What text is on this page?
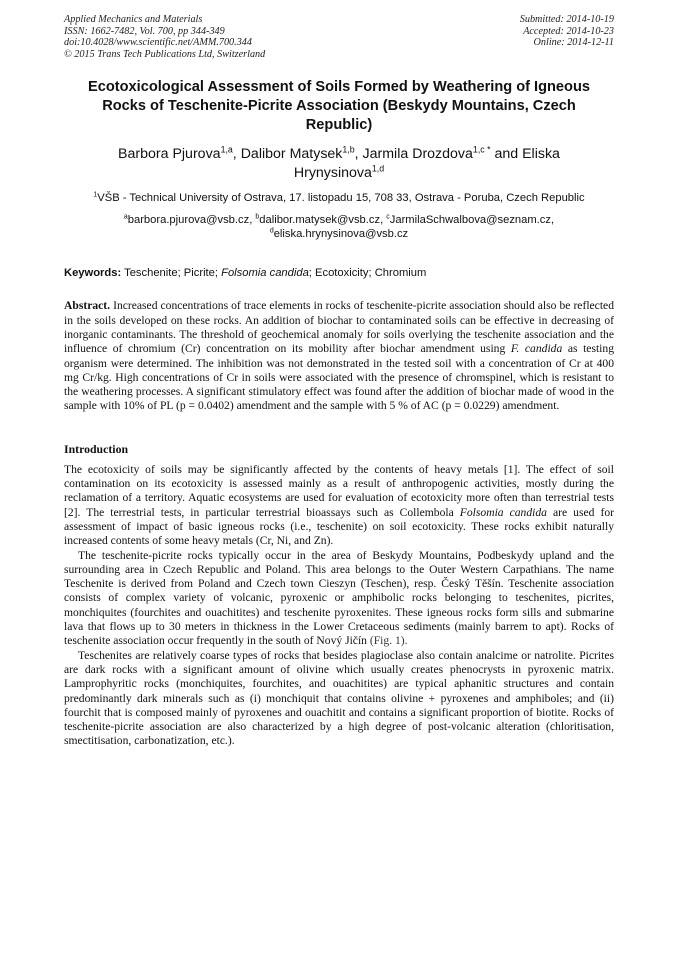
Applied Mechanics and Materials
ISSN: 1662-7482, Vol. 700, pp 344-349
doi:10.4028/www.scientific.net/AMM.700.344
© 2015 Trans Tech Publications Ltd, Switzerland
Submitted: 2014-10-19
Accepted: 2014-10-23
Online: 2014-12-11
Ecotoxicological Assessment of Soils Formed by Weathering of Igneous Rocks of Teschenite-Picrite Association (Beskydy Mountains, Czech Republic)
Barbora Pjurova$^{1,a}$, Dalibor Matysek$^{1,b}$, Jarmila Drozdova$^{1,c *}$ and Eliska Hrynysinova$^{1,d}$
$^1$VŠB - Technical University of Ostrava, 17. listopadu 15, 708 33, Ostrava - Poruba, Czech Republic
$^a$barbora.pjurova@vsb.cz, $^b$dalibor.matysek@vsb.cz, $^c$JarmilaSchwalbova@seznam.cz, $^d$eliska.hrynysinova@vsb.cz
Keywords: Teschenite; Picrite; Folsomia candida; Ecotoxicity; Chromium
Abstract. Increased concentrations of trace elements in rocks of teschenite-picrite association should also be reflected in the soils developed on these rocks. An addition of biochar to contaminated soils can be effective in decreasing of inorganic contaminants. The threshold of geochemical anomaly for soils overlying the teschenite association and the influence of chromium (Cr) concentration on its mobility after biochar amendment using F. candida as testing organism were determined. The inhibition was not demonstrated in the tested soil with a concentration of Cr at 400 mg Cr/kg. High concentrations of Cr in soils were associated with the presence of chromspinel, which is resistant to the weathering processes. A significant stimulatory effect was found after the addition of biochar made of wood in the sample with 10% of PL (p = 0.0402) amendment and the sample with 5 % of AC (p = 0.0229) amendment.
Introduction

The ecotoxicity of soils may be significantly affected by the contents of heavy metals [1]. The effect of soil contamination on its ecotoxicity is assessed mainly as a result of anthropogenic activities, mostly during the reclamation of a territory. Aquatic ecosystems are used for evaluation of ecotoxicity more often than terrestrial tests [2]. The terrestrial tests, in particular terrestrial bioassays such as Collembola Folsomia candida are used for assessment of impact of basic igneous rocks (i.e., teschenite) on soil ecotoxicity. These rocks exhibit naturally increased contents of some heavy metals (Cr, Ni, and Zn).

The teschenite-picrite rocks typically occur in the area of Beskydy Mountains, Podbeskydy upland and the surrounding area in Czech Republic and Poland. This area belongs to the Outer Western Carpathians. The name Teschenite is derived from Poland and Czech town Cieszyn (Teschen), resp. Český Těšín. Teschenite association consists of complex variety of volcanic, pyroxenic or amphibolic rocks belonging to teschenites, picrites, monchiquites (fourchites and ouachitites) and teschenite pyroxenites. These igneous rocks form sills and submarine lava that flows up to 30 meters in thickness in the Lower Cretaceous sediments (mainly barrem to apt). Rocks of teschenite association occur frequently in the south of Nový Jičín (Fig. 1).

Teschenites are relatively coarse types of rocks that besides plagioclase also contain analcime or natrolite. Picrites are dark rocks with a significant amount of olivine which usually creates phenocrysts in pyroxenic matrix. Lamprophyritic rocks (monchiquites, fourchites, and ouachitites) are typical aphanitic structures and contain predominantly dark minerals such as (i) monchiquit that contains olivine + pyroxenes and amphiboles; and (ii) fourchit that is composed mainly of pyroxenes and ouachitit and contains a significant proportion of biotite. Rocks of teschenite-picrite association are also characterized by a high degree of post-volcanic alteration (chloritisation, smectitisation, carbonatization, etc.).
